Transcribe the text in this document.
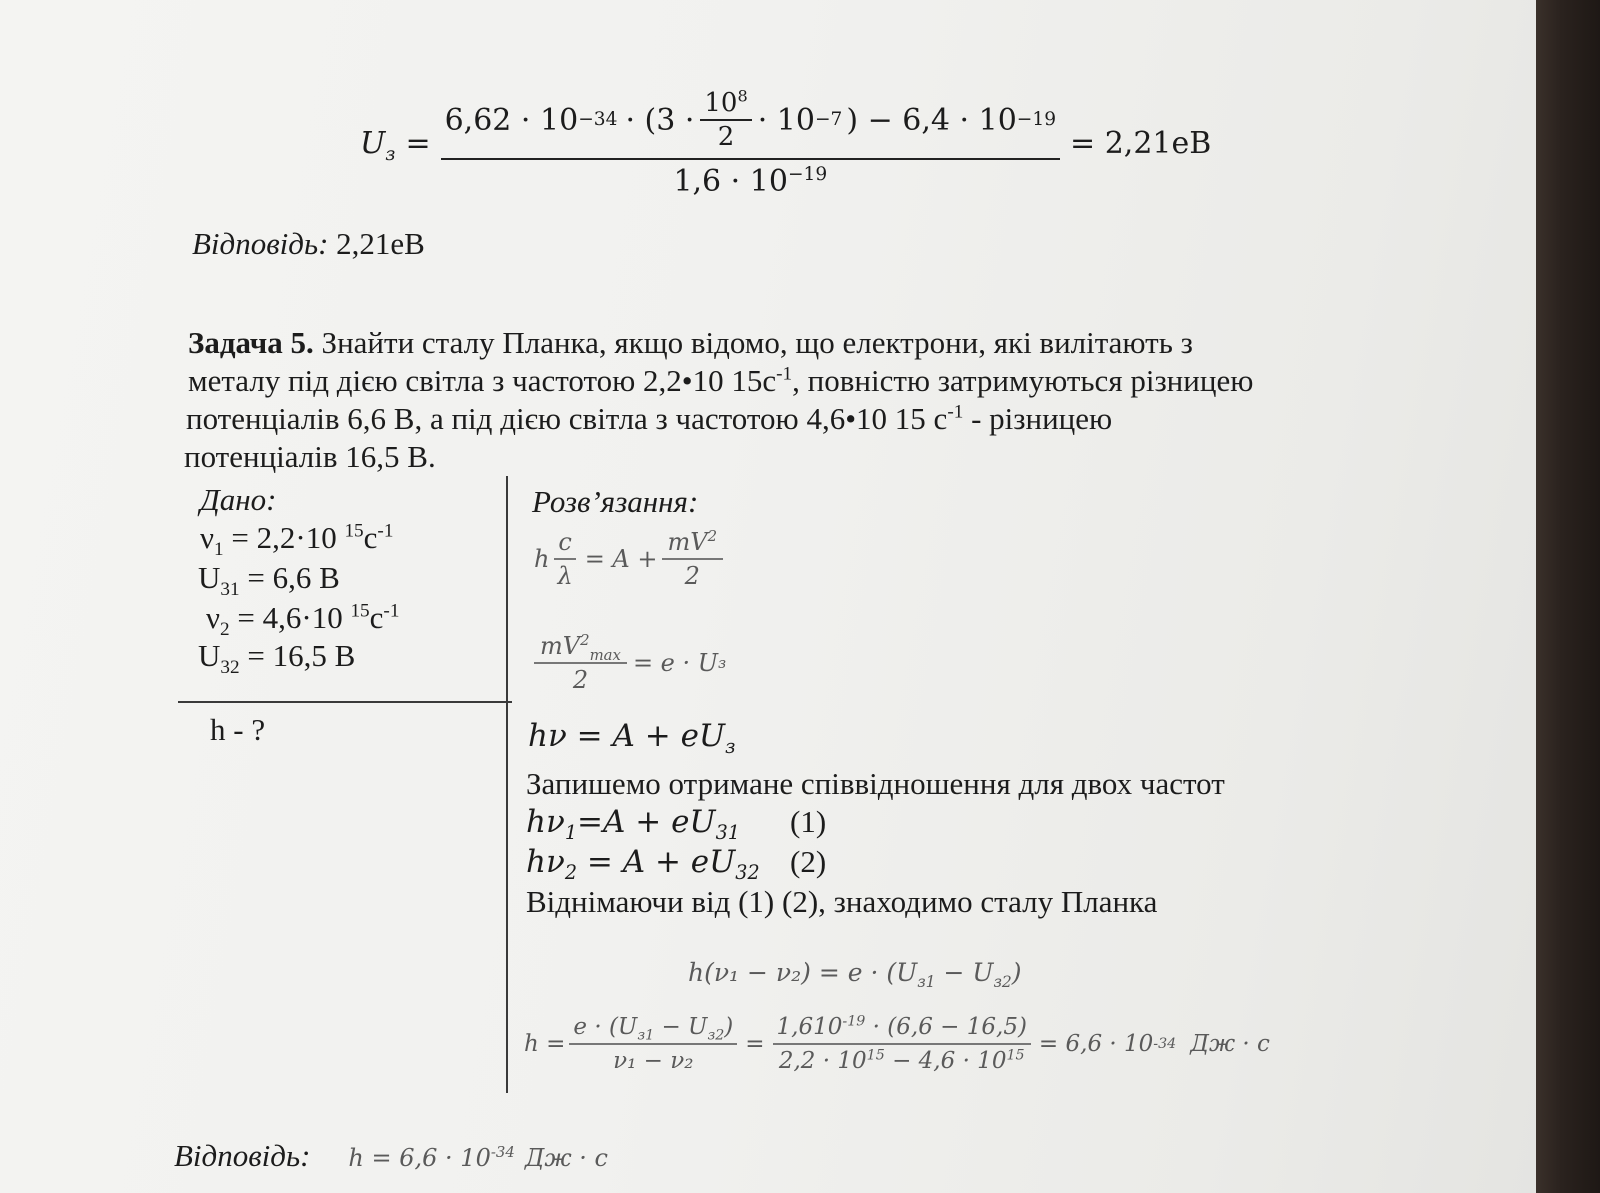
$U_з$ =
$6,62 \cdot 10 -34 \cdot (3 \cdot \frac{10^8}{2} \cdot 10 -7$ ) − 6,4 · 10 −19
$1,6 \cdot 10^{-19}$
= 2,21eB
Відповідь: 2,21eB
Задача 5. Знайти сталу Планка, якщо відомо, що електрони, які вилітають з
металу під дією світла з частотою 2,2•10 $15с^{-1}$, повністю затримуються різницею
потенціалів 6,6 В, а під дією світла з частотою 4,6•10 15 $с^{-1}$ - різницею
потенціалів 16,5 В.
Дано:
$\nu_1 = 2,2\cdot 10$ $^{15}с^{-1}$
$U_{31} = 6,6$ В
$\nu_2 = 4,6\cdot 10$ $^{15}с^{-1}$
$U_{32} = 16,5$ В
h - ?
Розв’язання:
h $\frac{c}{\lambda} = A + \frac{mV^2}{2}$
$\frac{mV^2_{max}}{2} = e \cdot U$ з
$h\nu = A + eU_з$
Запишемо отримане співвідношення для двох частот
$h\nu_1=A + eU_{31}$ (1)
$h\nu_2 = A + eU_{32}$ (2)
Віднімаючи від (1) (2), знаходимо сталу Планка
$h(\nu_1 - \nu_2) = e \cdot (U_{з1} - U_{з2})$
$h = \frac{e \cdot (U_{з1} - U_{з2})}{\text{ν₁ − ν₂}} = \frac{1,610^{-19} \cdot (6,6 - 16,5)}{2,2 \cdot 10^{15} - 4,6 \cdot 10^{15}} = 6,6 \cdot 10$ -34 Дж · с
Відповідь: $h = 6,6 \cdot 10^{-34}$ Дж · с
